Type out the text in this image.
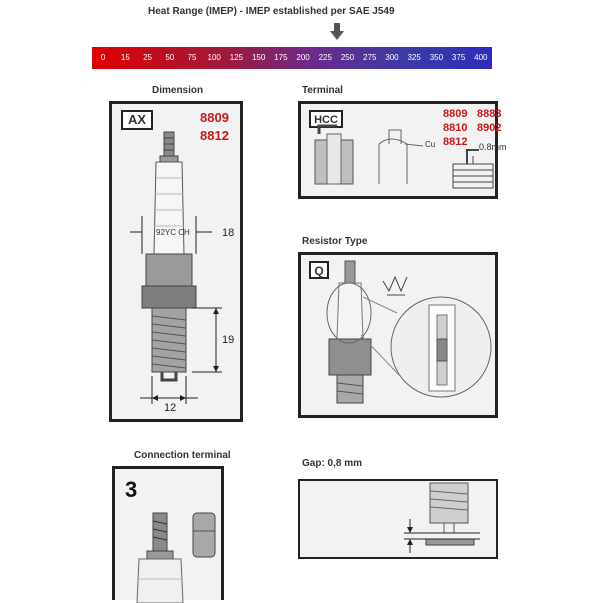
Heat Range (IMEP) - IMEP established per SAE J549
0	15	25	50	75	100	125	150	175	200	225	250	275	300	325	350	375	400
Dimension	Terminal
Resistor Type
Connection terminal
Gap: 0,8 mm
AX	8809
8812
92YC CH	18
19
12
HCC	8809 8883
8810 8902
8812
Cu	0.8mm
Q
3
